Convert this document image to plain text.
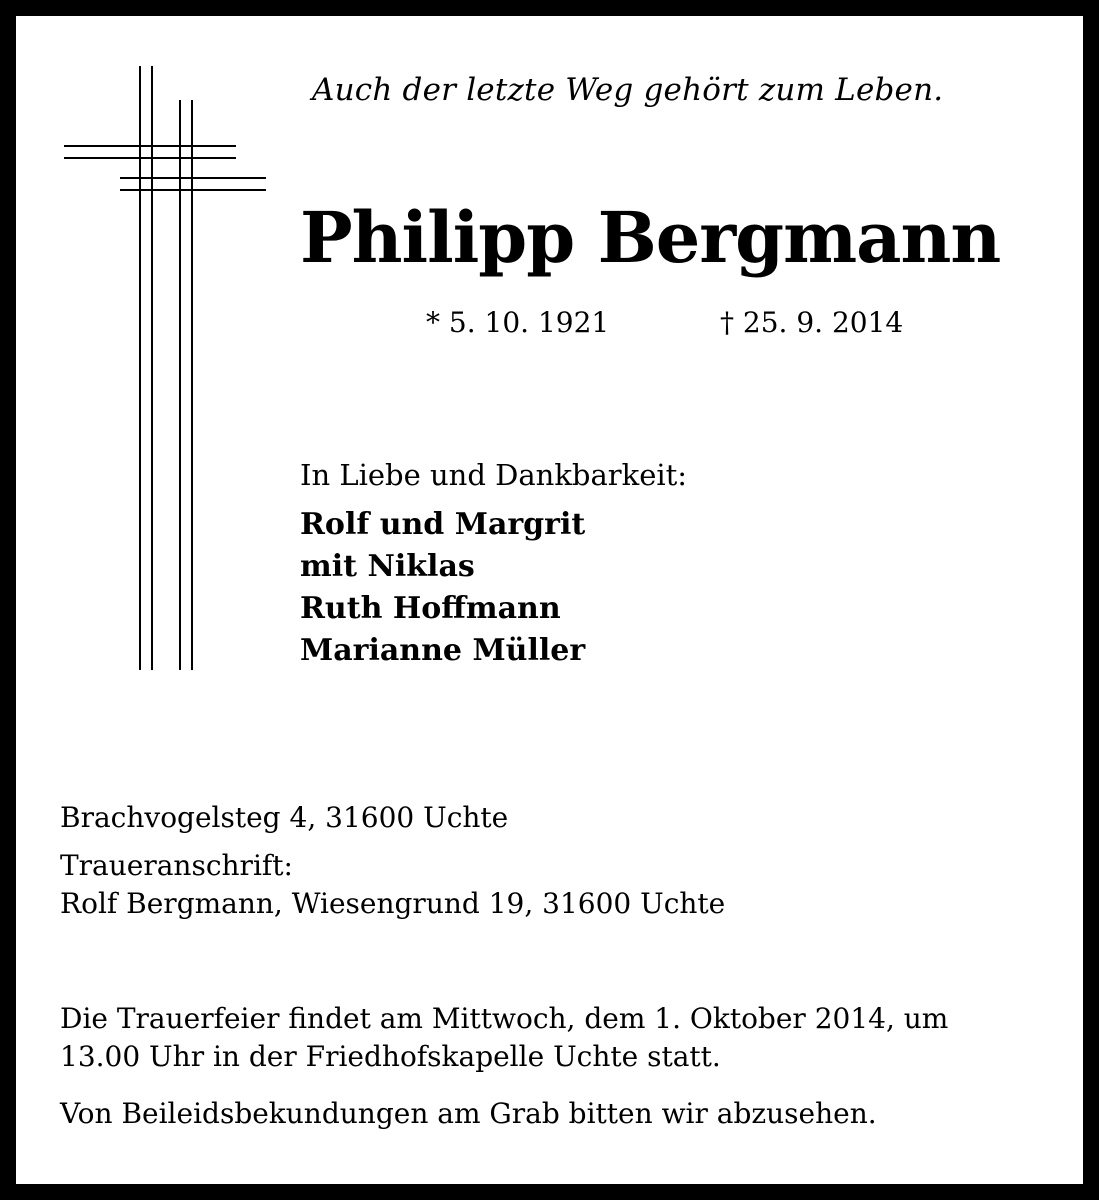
Auch der letzte Weg gehört zum Leben.
Philipp Bergmann
* 5. 10. 1921	† 25. 9. 2014
In Liebe und Dankbarkeit:
Rolf und Margrit
mit Niklas
Ruth Hoffmann
Marianne Müller
Brachvogelsteg 4, 31600 Uchte
Traueranschrift:
Rolf Bergmann, Wiesengrund 19, 31600 Uchte
Die Trauerfeier findet am Mittwoch, dem 1. Oktober 2014, um
13.00 Uhr in der Friedhofskapelle Uchte statt.
Von Beileidsbekundungen am Grab bitten wir abzusehen.
